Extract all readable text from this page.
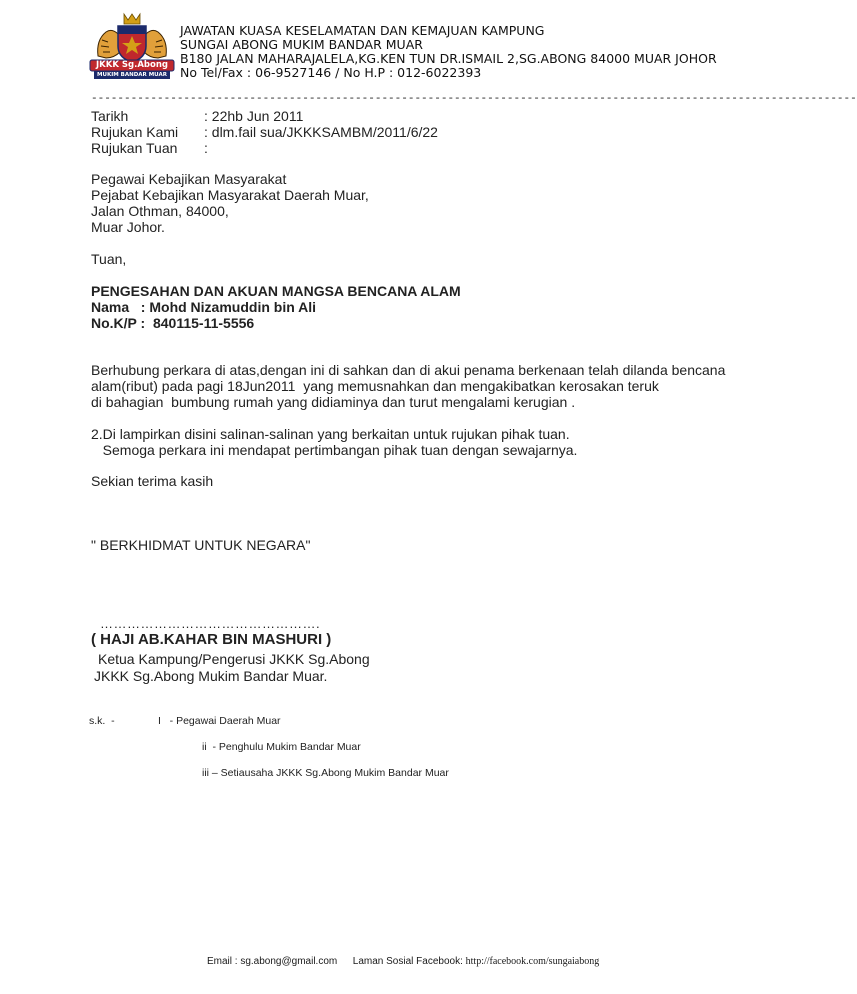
JKKK Sg.Abong
MUKIM BANDAR MUAR
JAWATAN KUASA KESELAMATAN DAN KEMAJUAN KAMPUNG
SUNGAI ABONG MUKIM BANDAR MUAR
B180 JALAN MAHARAJALELA,KG.KEN TUN DR.ISMAIL 2,SG.ABONG 84000 MUAR JOHOR
No Tel/Fax : 06-9527146 / No H.P : 012-6022393
--------------------------------------------------------------------------------------------------------------------
Tarikh	: 22hb Jun 2011
Rujukan Kami : dlm.fail sua/JKKKSAMBM/2011/6/22
Rujukan Tuan :
Pegawai Kebajikan Masyarakat
Pejabat Kebajikan Masyarakat Daerah Muar,
Jalan Othman, 84000,
Muar Johor.
Tuan,
PENGESAHAN DAN AKUAN MANGSA BENCANA ALAM
Nama   : Mohd Nizamuddin bin Ali
No.K/P :  840115-11-5556
Berhubung perkara di atas,dengan ini di sahkan dan di akui penama berkenaan telah dilanda bencana
alam(ribut) pada pagi 18Jun2011  yang memusnahkan dan mengakibatkan kerosakan teruk
di bahagian  bumbung rumah yang didiaminya dan turut mengalami kerugian .
2.Di lampirkan disini salinan-salinan yang berkaitan untuk rujukan pihak tuan.
Semoga perkara ini mendapat pertimbangan pihak tuan dengan sewajarnya.
Sekian terima kasih
" BERKHIDMAT UNTUK NEGARA"
………………………………………….
( HAJI AB.KAHAR BIN MASHURI )
Ketua Kampung/Pengerusi JKKK Sg.Abong
JKKK Sg.Abong Mukim Bandar Muar.
s.k.  -	I   - Pegawai Daerah Muar
ii  - Penghulu Mukim Bandar Muar
iii – Setiausaha JKKK Sg.Abong Mukim Bandar Muar
Email : sg.abong@gmail.com Laman Sosial Facebook: http://facebook.com/sungaiabong
